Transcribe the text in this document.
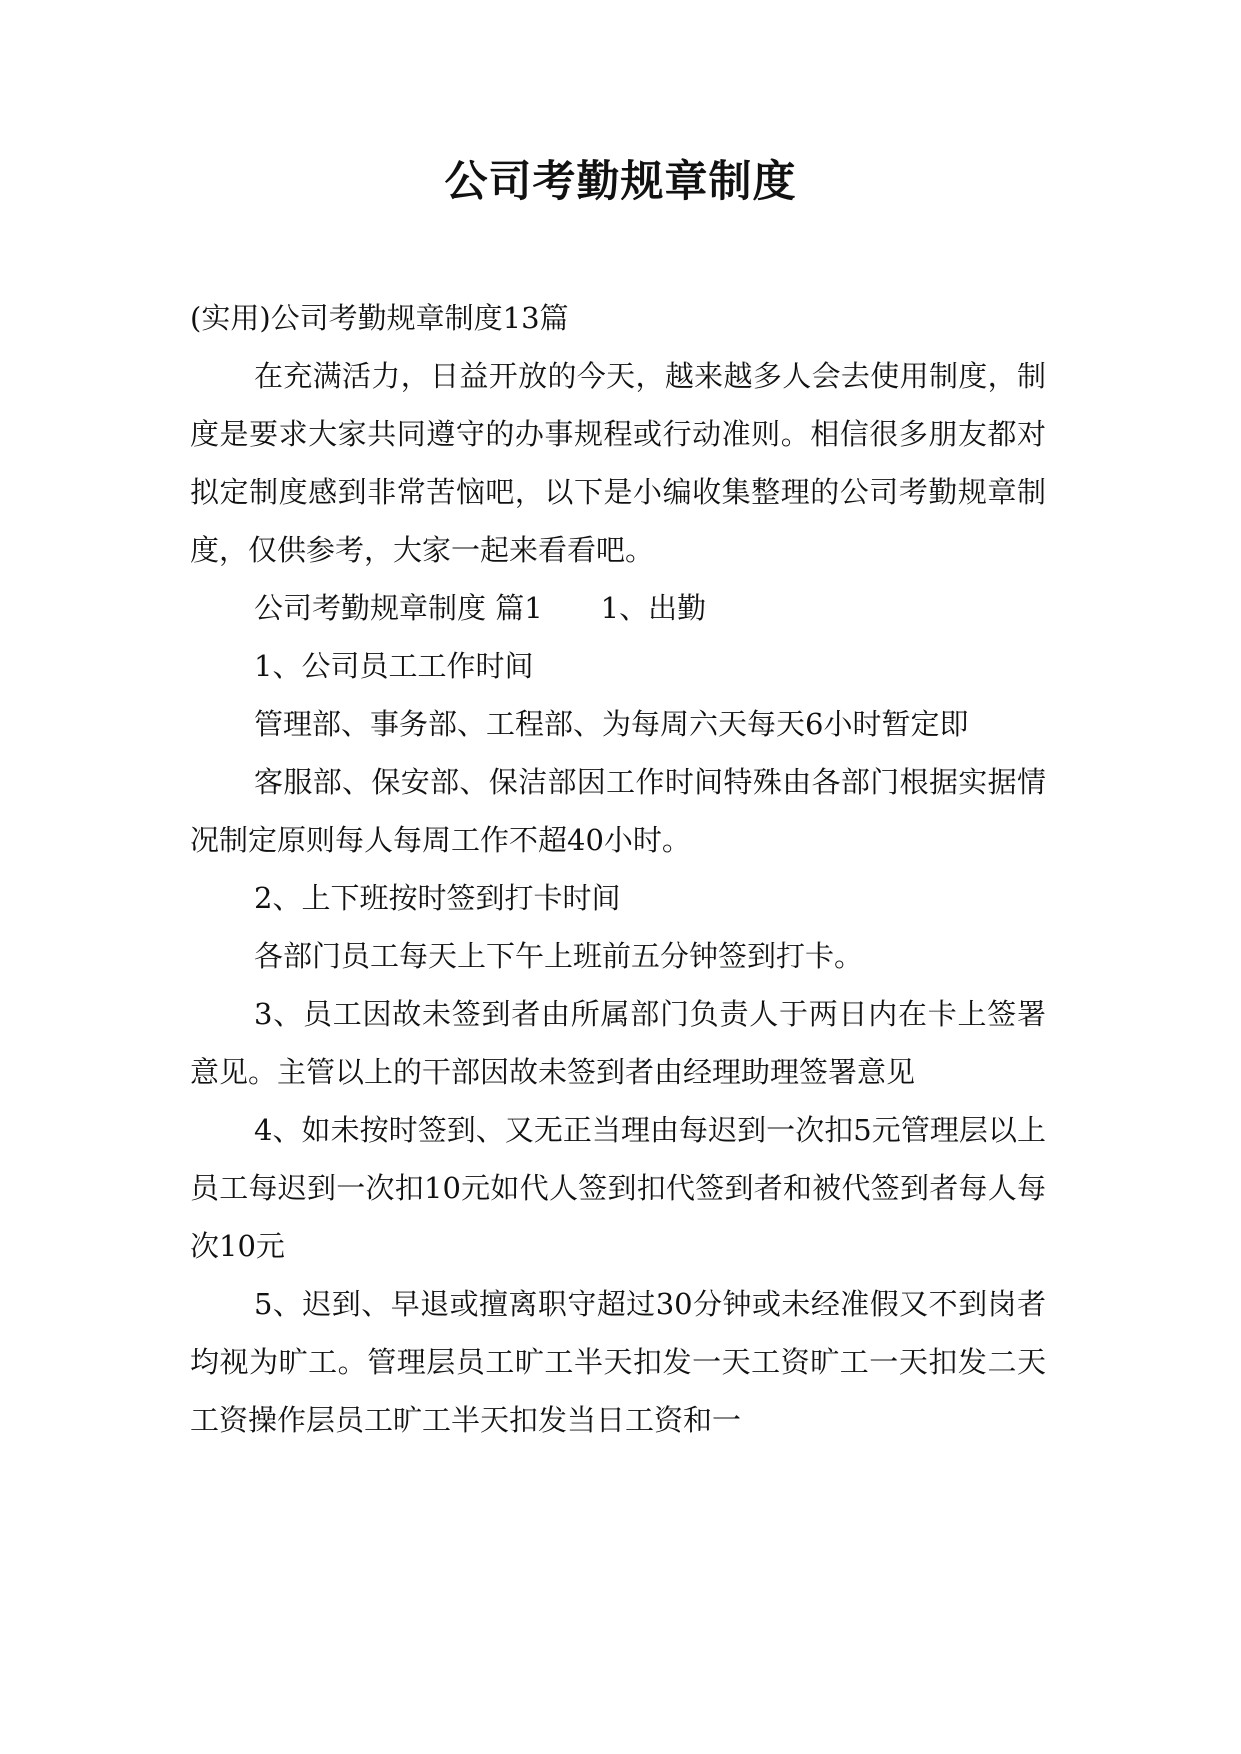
公司考勤规章制度

(实用)公司考勤规章制度13篇

在充满活力，日益开放的今天，越来越多人会去使用制度，制度是要求大家共同遵守的办事规程或行动准则。相信很多朋友都对拟定制度感到非常苦恼吧，以下是小编收集整理的公司考勤规章制度，仅供参考，大家一起来看看吧。

公司考勤规章制度 篇1　　1、出勤

1、公司员工工作时间

管理部、事务部、工程部、为每周六天每天6小时暂定即

客服部、保安部、保洁部因工作时间特殊由各部门根据实据情况制定原则每人每周工作不超40小时。

2、上下班按时签到打卡时间

各部门员工每天上下午上班前五分钟签到打卡。

3、员工因故未签到者由所属部门负责人于两日内在卡上签署意见。主管以上的干部因故未签到者由经理助理签署意见

4、如未按时签到、又无正当理由每迟到一次扣5元管理层以上员工每迟到一次扣10元如代人签到扣代签到者和被代签到者每人每次10元

5、迟到、早退或擅离职守超过30分钟或未经准假又不到岗者均视为旷工。管理层员工旷工半天扣发一天工资旷工一天扣发二天工资操作层员工旷工半天扣发当日工资和一
